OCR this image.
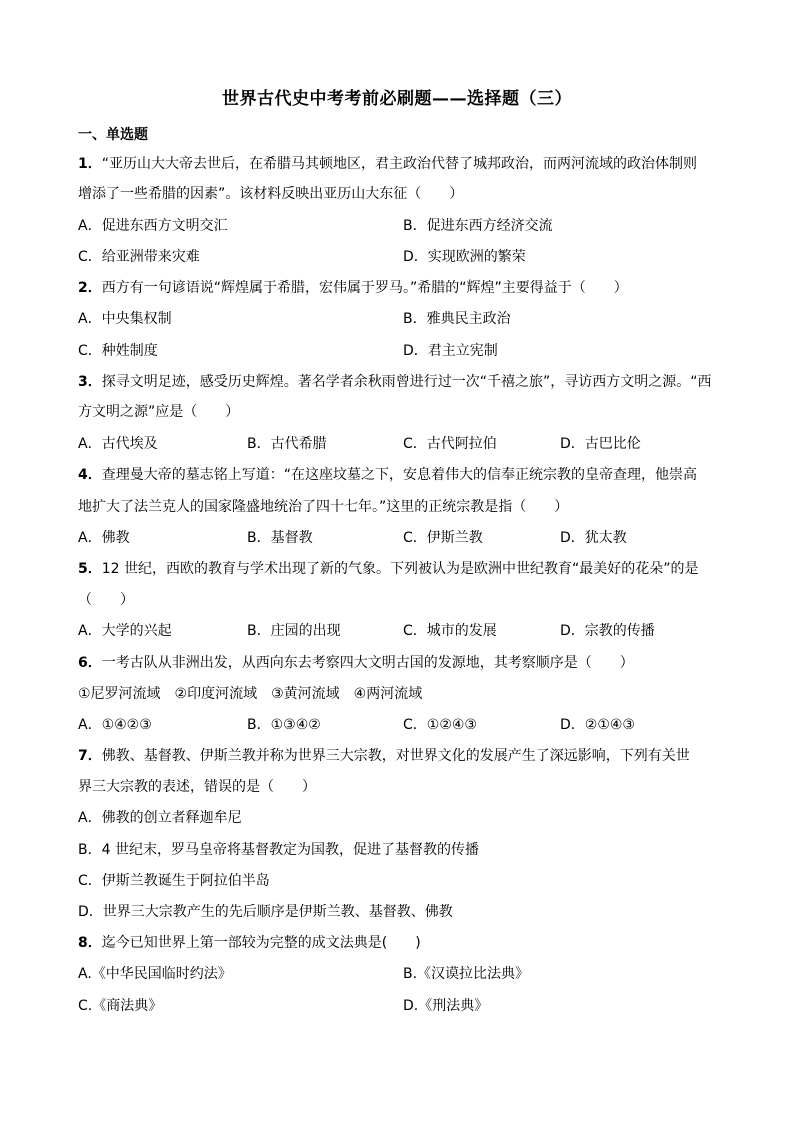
世界古代史中考考前必刷题——选择题（三）
一、单选题
1．“亚历山大大帝去世后，在希腊马其顿地区，君主政治代替了城邦政治，而两河流域的政治体制则
增添了一些希腊的因素”。该材料反映出亚历山大东征（　　）
A．促进东西方文明交汇	B．促进东西方经济交流
C．给亚洲带来灾难	D．实现欧洲的繁荣
2．西方有一句谚语说“辉煌属于希腊，宏伟属于罗马。”希腊的“辉煌”主要得益于（　　）
A．中央集权制	B．雅典民主政治
C．种姓制度	D．君主立宪制
3．探寻文明足迹，感受历史辉煌。著名学者余秋雨曾进行过一次“千禧之旅”，寻访西方文明之源。“西
方文明之源”应是（　　）
A．古代埃及	B．古代希腊	C．古代阿拉伯	D．古巴比伦
4．查理曼大帝的墓志铭上写道：“在这座坟墓之下，安息着伟大的信奉正统宗教的皇帝查理，他崇高
地扩大了法兰克人的国家隆盛地统治了四十七年。”这里的正统宗教是指（　　）
A．佛教	B．基督教	C．伊斯兰教	D．犹太教
5．12 世纪，西欧的教育与学术出现了新的气象。下列被认为是欧洲中世纪教育“最美好的花朵”的是
（　　）
A．大学的兴起	B．庄园的出现	C．城市的发展	D．宗教的传播
6．一考古队从非洲出发，从西向东去考察四大文明古国的发源地，其考察顺序是（　　）
①尼罗河流域　②印度河流域　③黄河流域　④两河流域
A．①④②③	B．①③④②	C．①②④③	D．②①④③
7．佛教、基督教、伊斯兰教并称为世界三大宗教，对世界文化的发展产生了深远影响，下列有关世
界三大宗教的表述，错误的是（　　）
A．佛教的创立者释迦牟尼
B．4 世纪末，罗马皇帝将基督教定为国教，促进了基督教的传播
C．伊斯兰教诞生于阿拉伯半岛
D．世界三大宗教产生的先后顺序是伊斯兰教、基督教、佛教
8．迄今已知世界上第一部较为完整的成文法典是(　　)
A.《中华民国临时约法》	B.《汉谟拉比法典》
C.《商法典》	D.《刑法典》
